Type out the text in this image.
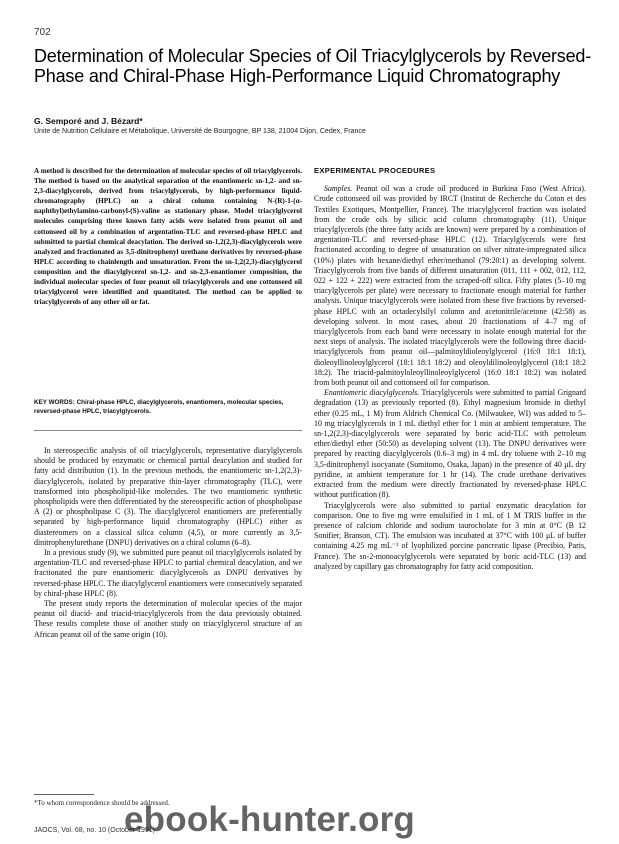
702
Determination of Molecular Species of Oil Triacylglycerols by Reversed-Phase and Chiral-Phase High-Performance Liquid Chromatography
G. Semporé and J. Bézard*
Unite de Nutrition Cellulaire et Métabolique, Université de Bourgogne, BP 138, 21004 Dijon, Cedex, France
A method is described for the determination of molecular species of oil triacylglycerols. The method is based on the analytical separation of the enantiomeric sn-1,2- and sn-2,3-diacylglycerols, derived from triacylglycerols, by high-performance liquid-chromatography (HPLC) on a chiral column containing N-(R)-1-(α-naphthyl)ethylamino-carbonyl-(S)-valine as stationary phase. Model triacylglycerol molecules comprising three known fatty acids were isolated from peanut oil and cottonseed oil by a combination of argentation-TLC and reversed-phase HPLC and submitted to partial chemical deacylation. The derived sn-1,2(2,3)-diacylglycerols were analyzed and fractionated as 3,5-dinitrophenyl urethane derivatives by reversed-phase HPLC according to chainlength and unsaturation. From the sn-1,2(2,3)-diacylglycerol composition and the diacylglycerol sn-1,2- and sn-2,3-enantiomer composition, the individual molecular species of four peanut oil triacylglycerols and one cottonseed oil triacylglycerol were identified and quantitated. The method can be applied to triacylglycerols of any other oil or fat.
KEY WORDS: Chiral-phase HPLC, diacylglycerols, enantiomers, molecular species, reversed-phase HPLC, triacylglycerols.

In stereospecific analysis of oil triacylglycerols, representative diacylglycerols should be produced by enzymatic or chemical partial deacylation and studied for fatty acid distribution (1). In the previous methods, the enantiomeric sn-1,2(2,3)-diacylglycerols, isolated by preparative thin-layer chromatography (TLC), were transformed into phospholipid-like molecules. The two enantiomeric synthetic phospholipids were then differentiated by the stereospecific action of phospholipase A (2) or phospholipase C (3). The diacylglycerol enantiomers are preferentially separated by high-performance liquid chromatography (HPLC) either as diastereomers on a classical silica column (4,5), or more currently as 3,5-dinitrophenylurethane (DNPU) derivatives on a chiral column (6–8).

In a previous study (9), we submitted pure peanut oil triacylglycerols isolated by argentation-TLC and reversed-phase HPLC to partial chemical deacylation, and we fractionated the pure enantiomeric diacylglycerols as DNPU derivatives by reversed-phase HPLC. The diacylglycerol enantiomers were consecutively separated by chiral-phase HPLC (8).

The present study reports the determination of molecular species of the major peanut oil diacid- and triacid-triacylglycerols from the data previously obtained. These results complete those of another study on triacylglycerol structure of an African peanut oil of the same origin (10).

*To whom correspondence should be addressed.
JAOCS, Vol. 68, no. 10 (October 1991)
EXPERIMENTAL PROCEDURES

Samples. Peanut oil was a crude oil produced in Burkina Faso (West Africa). Crude cottonseed oil was provided by IRCT (Institut de Recherche du Coton et des Textiles Exotiques, Montpellier, France). The triacylglycerol fraction was isolated from the crude oils by silicic acid column chromatography (11). Unique triacylglycerols (the three fatty acids are known) were prepared by a combination of argentation-TLC and reversed-phase HPLC (12). Triacylglycerols were first fractionated according to degree of unsaturation on silver nitrate-impregnated silica (10%) plates with hexane/diethyl ether/methanol (79:20:1) as developing solvent. Triacylglycerols from five bands of different unsaturation (011, 111 + 002, 012, 112, 022 + 122 + 222) were extracted from the scraped-off silica. Fifty plates (5–10 mg triacylglycerols per plate) were necessary to fractionate enough material for further analysis. Unique triacylglycerols were isolated from these five fractions by reversed-phase HPLC with an octadecylsilyl column and acetonitrile/acetone (42:58) as developing solvent. In most cases, about 20 fractionations of 4–7 mg of triacylglycerols from each band were necessary to isolate enough material for the next steps of analysis. The isolated triacylglycerols were the following three diacid-triacylglycerols from peanut oil—palmitoyldioleoylglycerol (16:0 18:1 18:1), dioleoyllinoleoylglycerol (18:1 18:1 18:2) and oleoyldilinoleoylglycerol (18:1 18:2 18:2). The triacid-palmitoyloleoyllinoleoylglycerol (16:0 18:1 18:2) was isolated from both peanut oil and cottonseed oil for comparison.

Enantiomeric diacylglycerols. Triacylglycerols were submitted to partial Grignard degradation (13) as previously reported (8). Ethyl magnesium bromide in diethyl ether (0.25 mL, 1 M) from Aldrich Chemical Co. (Milwaukee, WI) was added to 5–10 mg triacylglycerols in 1 mL diethyl ether for 1 min at ambient temperature. The sn-1,2(2,3)-diacylglycerols were separated by boric acid-TLC with petroleum ether/diethyl ether (50:50) as developing solvent (13). The DNPU derivatives were prepared by reacting diacylglycerols (0.6–3 mg) in 4 mL dry toluene with 2–10 mg 3,5-dinitrophenyl isocyanate (Sumitomo, Osaka, Japan) in the presence of 40 μL dry pyridine, at ambient temperature for 1 hr (14). The crude urethane derivatives extracted from the medium were directly fractionated by reversed-phase HPLC without purification (8).

Triacylglycerols were also submitted to partial enzymatic deacylation for comparison. One to five mg were emulsified in 1 mL of 1 M TRIS buffer in the presence of calcium chloride and sodium taurocholate for 3 min at 0°C (B 12 Sonifier, Branson, CT). The emulsion was incubated at 37°C with 100 μL of buffer containing 4.25 mg mL⁻¹ of lyophilized porcine pancreatic lipase (Precibio, Paris, France). The sn-2-monoacylglycerols were separated by boric acid-TLC (13) and analyzed by capillary gas chromatography for fatty acid composition.

ebook-hunter.org
